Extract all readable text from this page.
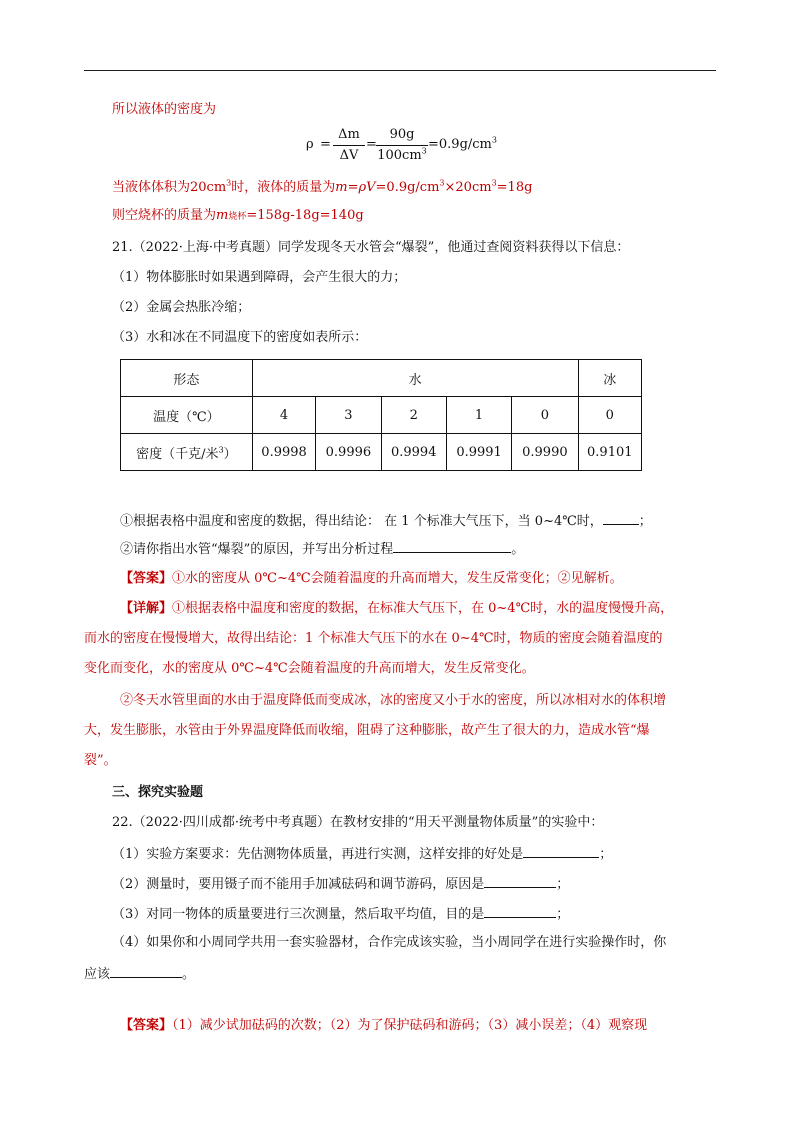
所以液体的密度为
ρ =
Δm
ΔV
=
90g
$100cm^3 =0.9g/cm^3$
当液体体积为$20cm^3$时，液体的质量为$m=\rho V=0.9g/cm^3\times 20cm^3=18g$
则空烧杯的质量为m烧杯=158g-18g=140g
21.（2022·上海·中考真题）同学发现冬天水管会“爆裂”，他通过查阅资料获得以下信息：
（1）物体膨胀时如果遇到障碍，会产生很大的力；
（2）金属会热胀冷缩；
（3）水和冰在不同温度下的密度如表所示：
形态	水					冰
温度（℃）	4	3	2	1	0	0
密度（千克/米$^3$）	0.9998	0.9996	0.9994	0.9991	0.9990	0.9101
①根据表格中温度和密度的数据，得出结论： 在 1 个标准大气压下，当 0~4℃时，	；
②请你指出水管“爆裂”的原因，并写出分析过程	。
【答案】①水的密度从 0℃~4℃会随着温度的升高而增大，发生反常变化；②见解析。
【详解】①根据表格中温度和密度的数据，在标准大气压下，在 0~4℃时，水的温度慢慢升高，
而水的密度在慢慢增大，故得出结论：1 个标准大气压下的水在 0~4℃时，物质的密度会随着温度的
变化而变化，水的密度从 0℃~4℃会随着温度的升高而增大，发生反常变化。
②冬天水管里面的水由于温度降低而变成冰，冰的密度又小于水的密度，所以冰相对水的体积增
大，发生膨胀，水管由于外界温度降低而收缩，阻碍了这种膨胀，故产生了很大的力，造成水管“爆
裂”。
三、探究实验题
22.（2022·四川成都·统考中考真题）在教材安排的“用天平测量物体质量”的实验中：
（1）实验方案要求：先估测物体质量，再进行实测，这样安排的好处是	；
（2）测量时，要用镊子而不能用手加减砝码和调节游码，原因是	；
（3）对同一物体的质量要进行三次测量，然后取平均值，目的是	；
（4）如果你和小周同学共用一套实验器材，合作完成该实验，当小周同学在进行实验操作时，你
应该	。
【答案】（1）减少试加砝码的次数；（2）为了保护砝码和游码；（3）减小误差；（4）观察现
